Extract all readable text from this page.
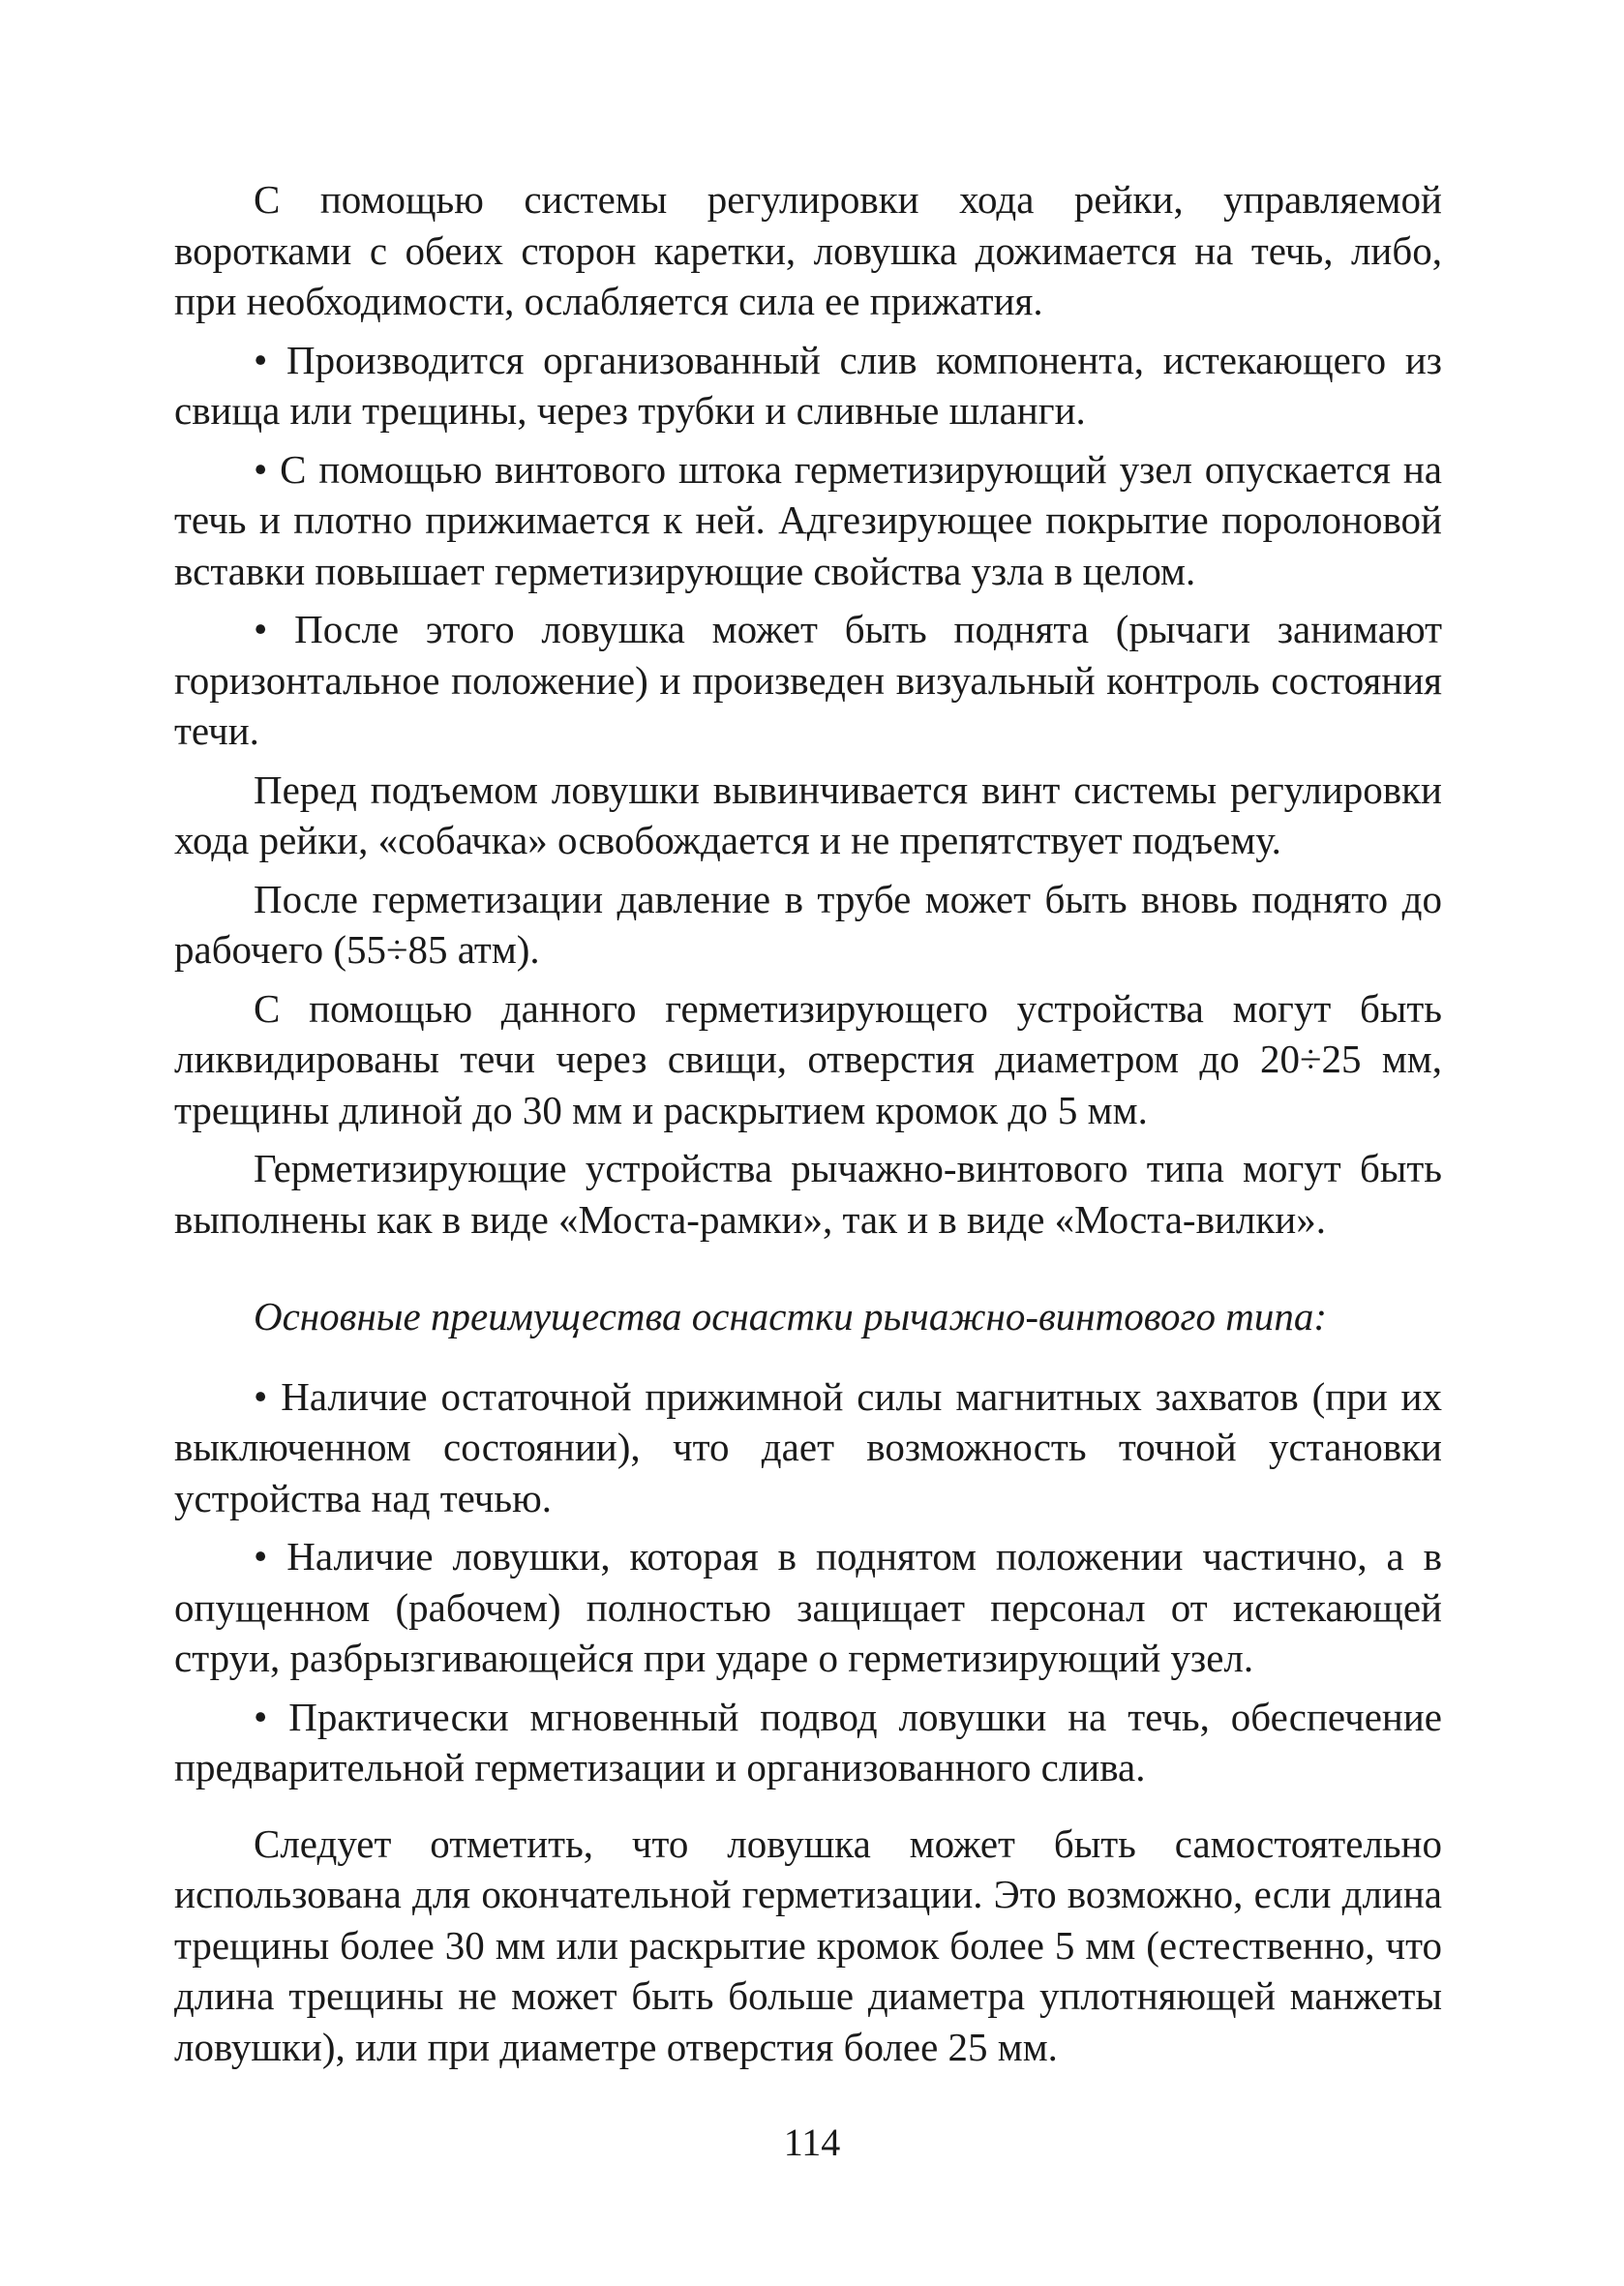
С помощью системы регулировки хода рейки, управляемой воротками с обеих сторон каретки, ловушка дожимается на течь, либо, при необходимости, ослабляется сила ее прижатия.

• Производится организованный слив компонента, истекающего из свища или трещины, через трубки и сливные шланги.

• С помощью винтового штока герметизирующий узел опускается на течь и плотно прижимается к ней. Адгезирующее покрытие поролоновой вставки повышает герметизирующие свойства узла в целом.

• После этого ловушка может быть поднята (рычаги занимают горизонтальное положение) и произведен визуальный контроль состояния течи.

Перед подъемом ловушки вывинчивается винт системы регулировки хода рейки, «собачка» освобождается и не препятствует подъему.

После герметизации давление в трубе может быть вновь поднято до рабочего (55÷85 атм).

С помощью данного герметизирующего устройства могут быть ликвидированы течи через свищи, отверстия диаметром до 20÷25 мм, трещины длиной до 30 мм и раскрытием кромок до 5 мм.

Герметизирующие устройства рычажно-винтового типа могут быть выполнены как в виде «Моста-рамки», так и в виде «Моста-вилки».

Основные преимущества оснастки рычажно-винтового типа:

• Наличие остаточной прижимной силы магнитных захватов (при их выключенном состоянии), что дает возможность точной установки устройства над течью.

• Наличие ловушки, которая в поднятом положении частично, а в опущенном (рабочем) полностью защищает персонал от истекающей струи, разбрызгивающейся при ударе о герметизирующий узел.

• Практически мгновенный подвод ловушки на течь, обеспечение предварительной герметизации и организованного слива.

Следует отметить, что ловушка может быть самостоятельно использована для окончательной герметизации. Это возможно, если длина трещины более 30 мм или раскрытие кромок более 5 мм (естественно, что длина трещины не может быть больше диаметра уплотняющей манжеты ловушки), или при диаметре отверстия более 25 мм.

114
